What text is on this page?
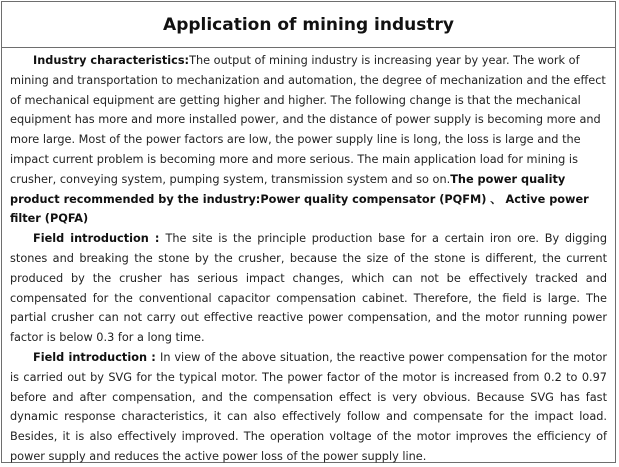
Application of mining industry

Industry characteristics:The output of mining industry is increasing year by year. The work of mining and transportation to mechanization and automation, the degree of mechanization and the effect of mechanical equipment are getting higher and higher. The following change is that the mechanical equipment has more and more installed power, and the distance of power supply is becoming more and more large. Most of the power factors are low, the power supply line is long, the loss is large and the impact current problem is becoming more and more serious. The main application load for mining is crusher, conveying system, pumping system, transmission system and so on.The power quality product recommended by the industry:Power quality compensator (PQFM) 、 Active power filter (PQFA)

Field introduction : The site is the principle production base for a certain iron ore. By digging stones and breaking the stone by the crusher, because the size of the stone is different, the current produced by the crusher has serious impact changes, which can not be effectively tracked and compensated for the conventional capacitor compensation cabinet. Therefore, the field is large. The partial crusher can not carry out effective reactive power compensation, and the motor running power factor is below 0.3 for a long time.

Field introduction : In view of the above situation, the reactive power compensation for the motor is carried out by SVG for the typical motor. The power factor of the motor is increased from 0.2 to 0.97 before and after compensation, and the compensation effect is very obvious. Because SVG has fast dynamic response characteristics, it can also effectively follow and compensate for the impact load. Besides, it is also effectively improved. The operation voltage of the motor improves the efficiency of power supply and reduces the active power loss of the power supply line.
